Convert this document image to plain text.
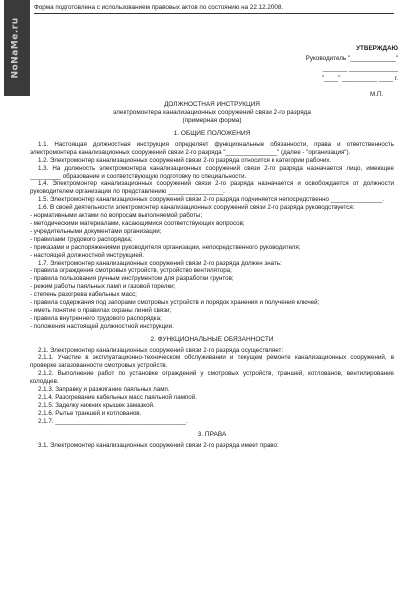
NoNaMe.ru
Форма подготовлена с использованием правовых актов по состоянию на 22.12.2008.
УТВЕРЖДАЮ
Руководитель "_____________"
_______ ______________
"____" __________ ____ г.
М.П.
ДОЛЖНОСТНАЯ ИНСТРУКЦИЯ
электромонтера канализационных сооружений связи 2-го разряда
(примерная форма)
1. ОБЩИЕ ПОЛОЖЕНИЯ

1.1. Настоящая должностная инструкция определяет функциональные обязанности, права и ответственность электромонтера канализационных сооружений связи 2-го разряда "_______________" (далее - "организация").

1.2. Электромонтер канализационных сооружений связи 2-го разряда относится к категории рабочих.

1.3. На должность электромонтера канализационных сооружений связи 2-го разряда назначается лицо, имеющее _________ образование и соответствующую подготовку по специальности.

1.4. Электромонтер канализационных сооружений связи 2-го разряда назначается и освобождается от должности руководителем организации по представлению ________________.

1.5. Электромонтер канализационных сооружений связи 2-го разряда подчиняется непосредственно _______________.

1.6. В своей деятельности электромонтер канализационных сооружений связи 2-го разряда руководствуется:

- нормативными актами по вопросам выполняемой работы;

- методическими материалами, касающимися соответствующих вопросов;

- учредительными документами организации;

- правилами трудового распорядка;

- приказами и распоряжениями руководителя организации, непосредственного руководителя;

- настоящей должностной инструкцией.

1.7. Электромонтер канализационных сооружений связи 2-го разряда должен знать:

- правила ограждения смотровых устройств, устройство вентилятора;

- правила пользования ручным инструментом для разработки грунтов;

- режим работы паяльных ламп и газовой горелки;

- степень разогрева кабельных масс;

- правила содержания под запорами смотровых устройств и порядок хранения и получения ключей;

- иметь понятие о правилах охраны линий связи;

- правила внутреннего трудового распорядка;

- положения настоящей должностной инструкции.

2. ФУНКЦИОНАЛЬНЫЕ ОБЯЗАННОСТИ

2.1. Электромонтер канализационных сооружений связи 2-го разряда осуществляет:

2.1.1. Участие в эксплуатационно-техническом обслуживании и текущем ремонте канализационных сооружений, в проверке загазованности смотровых устройств.

2.1.2. Выполнение работ по установке ограждений у смотровых устройств, траншей, котлованов, вентилирование колодцев.

2.1.3. Заправку и разжигание паяльных ламп.

2.1.4. Разогревание кабельных масс паяльной лампой.

2.1.5. Заделку нижних крышек замазкой.

2.1.6. Рытье траншей и котлованов.

2.1.7. ______________________________________.

3. ПРАВА

3.1. Электромонтер канализационных сооружений связи 2-го разряда имеет право:
